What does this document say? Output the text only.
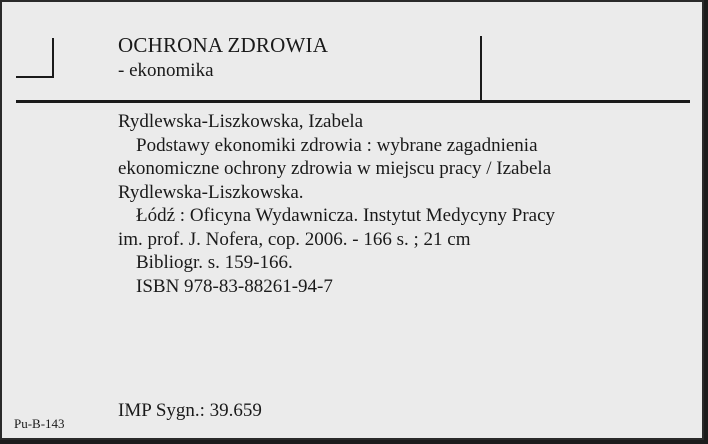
OCHRONA ZDROWIA
- ekonomika
Rydlewska-Liszkowska, Izabela
Podstawy ekonomiki zdrowia : wybrane zagadnienia
ekonomiczne ochrony zdrowia w miejscu pracy / Izabela
Rydlewska-Liszkowska.
Łódź : Oficyna Wydawnicza. Instytut Medycyny Pracy
im. prof. J. Nofera, cop. 2006. - 166 s. ; 21 cm
Bibliogr. s. 159-166.
ISBN 978-83-88261-94-7
IMP Sygn.: 39.659
Pu-B-143
